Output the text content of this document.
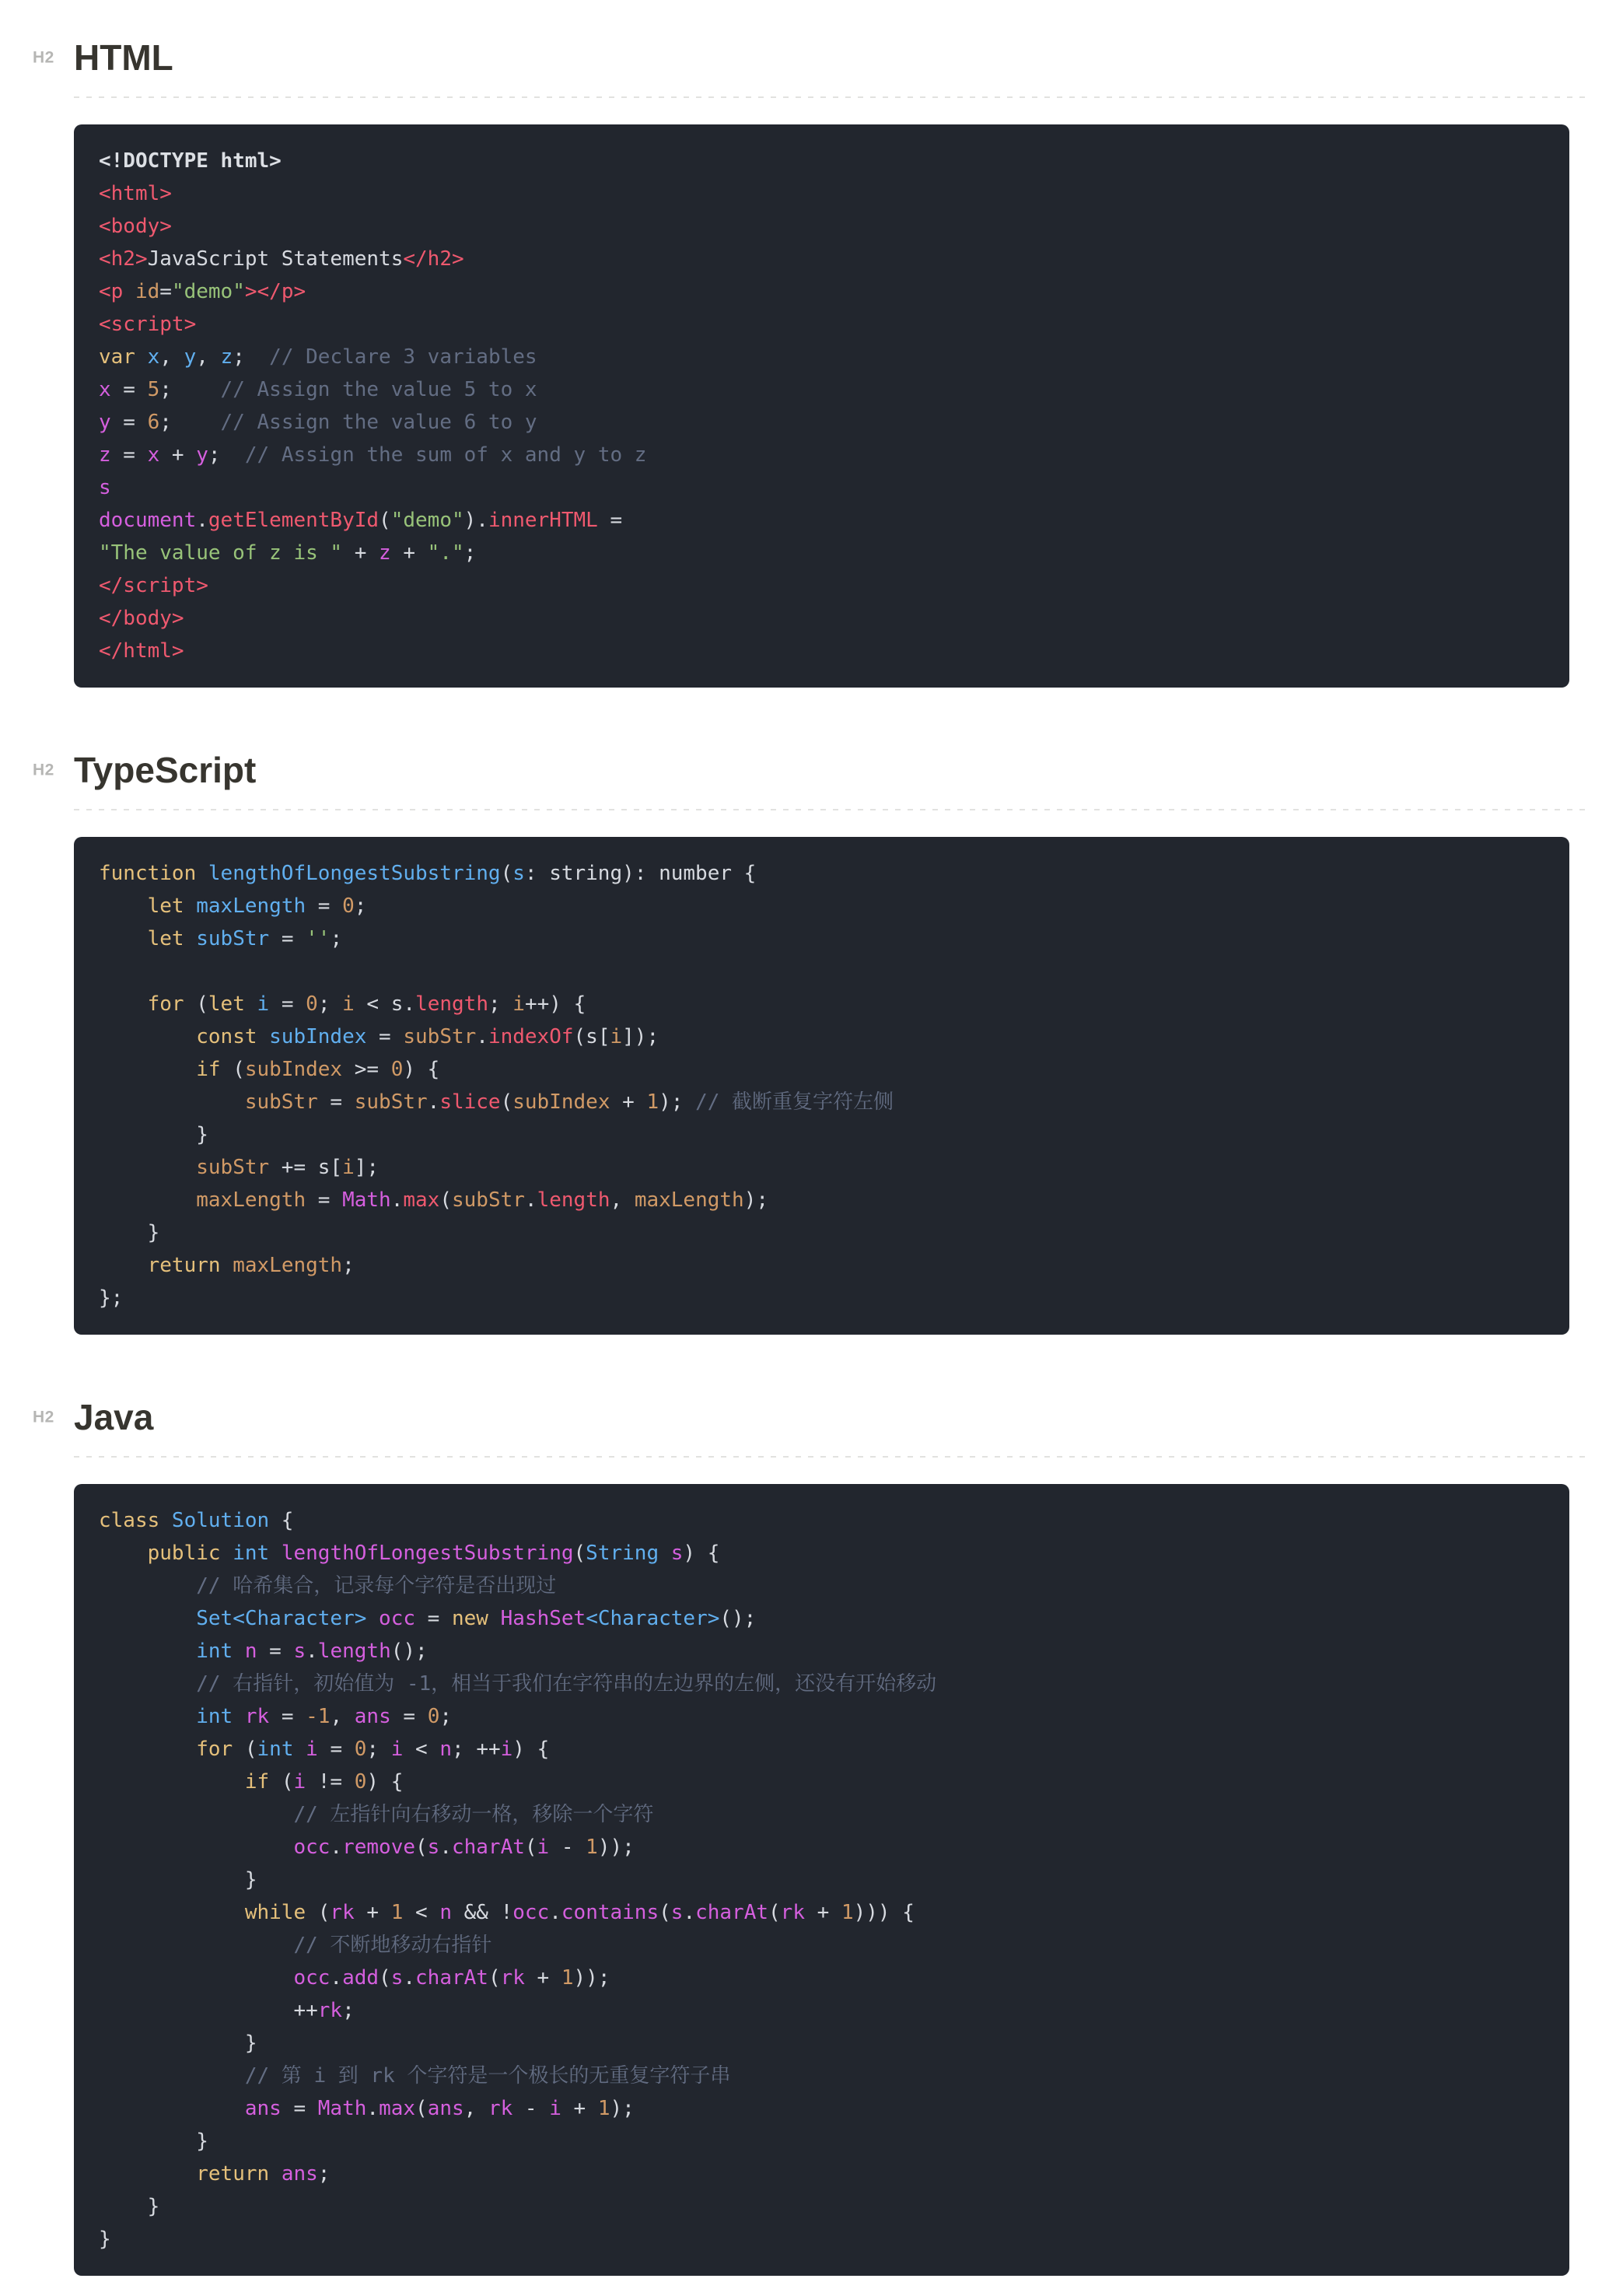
H2 HTML
<!DOCTYPE html>
<html>
<body>
<h2>JavaScript Statements</h2>
<p id="demo"></p>
<script>
var x, y, z;  // Declare 3 variables
x = 5;    // Assign the value 5 to x
y = 6;    // Assign the value 6 to y
z = x + y;  // Assign the sum of x and y to z
s
document.getElementById("demo").innerHTML =
"The value of z is " + z + ".";
</script>
</body>
</html>
H2 TypeScript
function lengthOfLongestSubstring(s: string): number {
let maxLength = 0;
let subStr = '';

for (let i = 0; i < s.length; i++) {
const subIndex = subStr.indexOf(s[i]);
if (subIndex >= 0) {
subStr = subStr.slice(subIndex + 1); // 截断重复字符左侧
}
subStr += s[i];
maxLength = Math.max(subStr.length, maxLength);
}
return maxLength;
};
H2 Java
class Solution {
public int lengthOfLongestSubstring(String s) {
// 哈希集合，记录每个字符是否出现过
Set<Character> occ = new HashSet<Character>();
int n = s.length();
// 右指针，初始值为 -1，相当于我们在字符串的左边界的左侧，还没有开始移动
int rk = -1, ans = 0;
for (int i = 0; i < n; ++i) {
if (i != 0) {
// 左指针向右移动一格，移除一个字符
occ.remove(s.charAt(i - 1));
}
while (rk + 1 < n && !occ.contains(s.charAt(rk + 1))) {
// 不断地移动右指针
occ.add(s.charAt(rk + 1));
++rk;
}
// 第 i 到 rk 个字符是一个极长的无重复字符子串
ans = Math.max(ans, rk - i + 1);
}
return ans;
}
}
